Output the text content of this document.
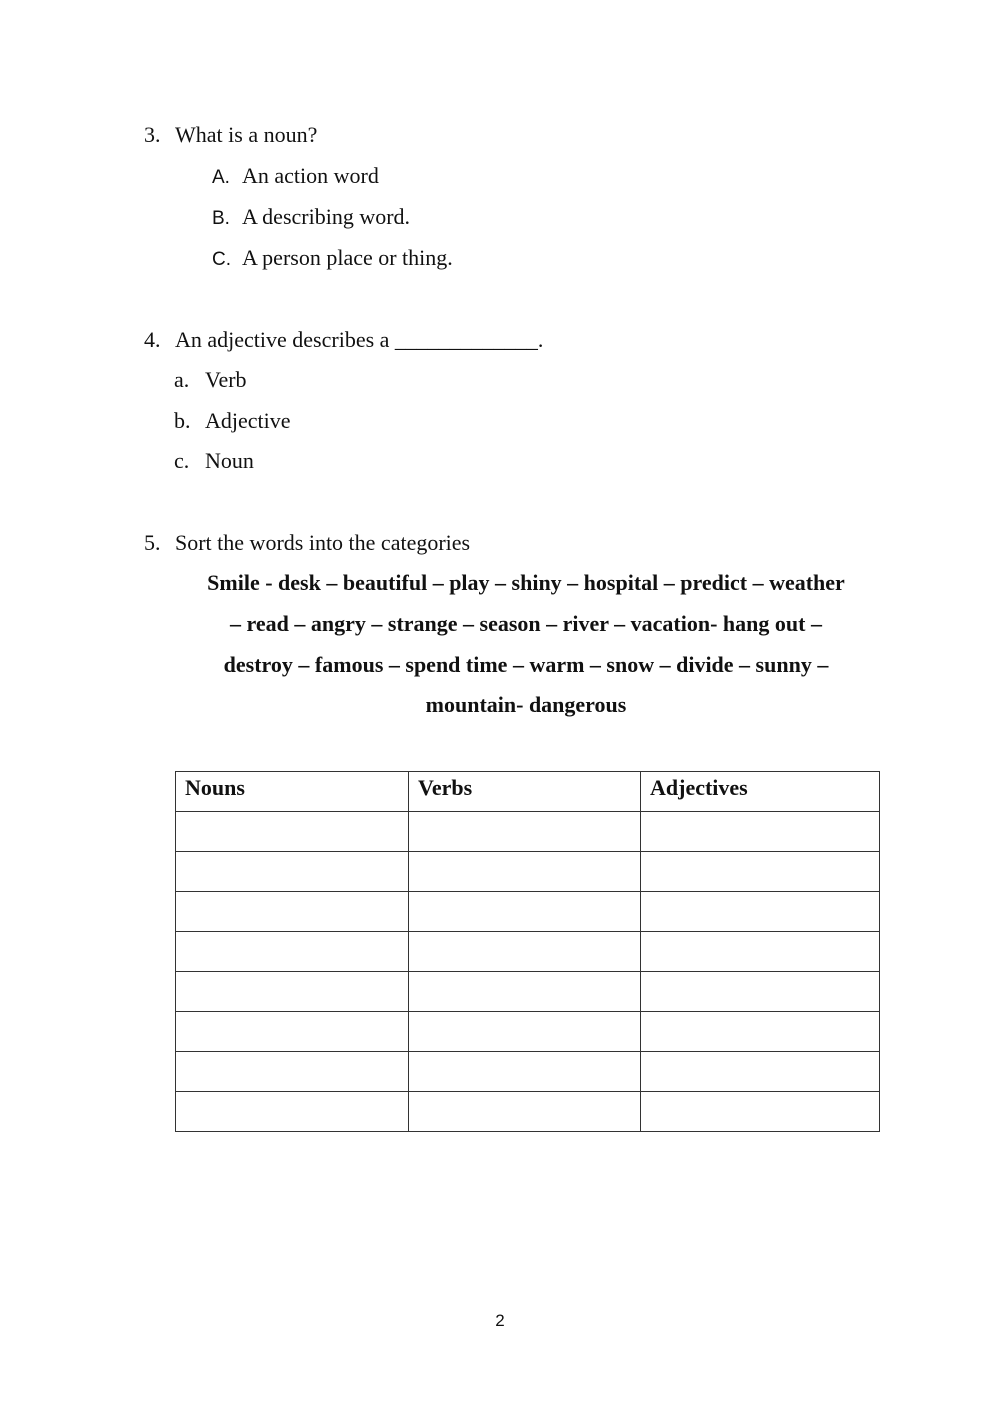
3. What is a noun?
A. An action word
B. A describing word.
C. A person place or thing.
4. An adjective describes a _____________.
a. Verb
b. Adjective
c. Noun
5. Sort the words into the categories
Smile - desk – beautiful – play – shiny – hospital – predict – weather
– read – angry – strange – season – river – vacation- hang out –
destroy – famous – spend time – warm – snow – divide – sunny –
mountain- dangerous
Nouns	Verbs	Adjectives

2
